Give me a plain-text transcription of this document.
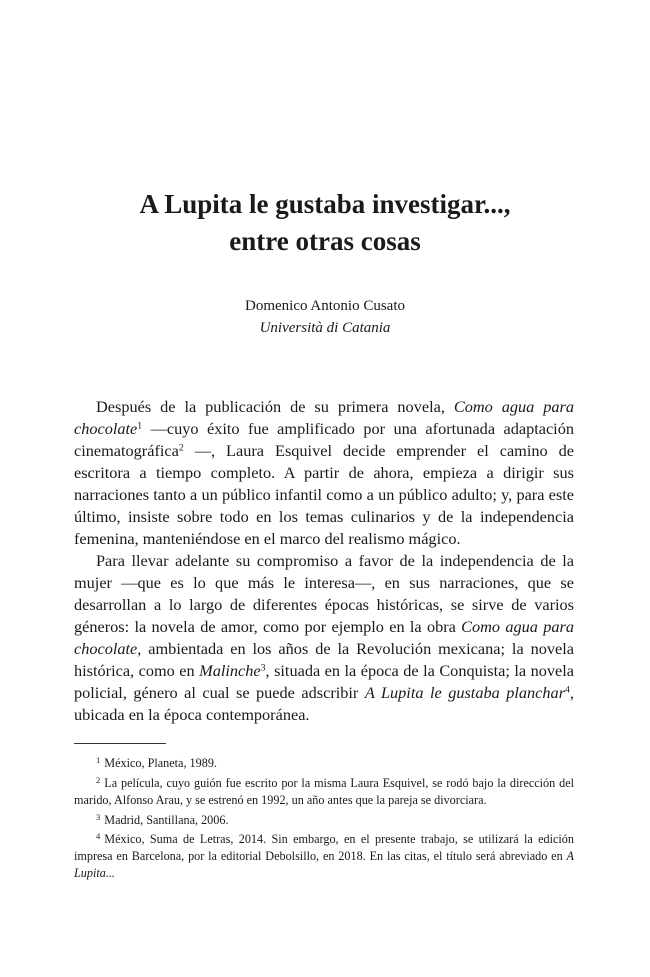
A Lupita le gustaba investigar...,
entre otras cosas
Domenico Antonio Cusato
Università di Catania

Después de la publicación de su primera novela, Como agua para chocolate$^1$ —cuyo éxito fue amplificado por una afortunada adaptación cinematográfica$^2$ —, Laura Esquivel decide emprender el camino de escritora a tiempo completo. A partir de ahora, empieza a dirigir sus narraciones tanto a un público infantil como a un público adulto; y, para este último, insiste sobre todo en los temas culinarios y de la independencia femenina, manteniéndose en el marco del realismo mágico.

Para llevar adelante su compromiso a favor de la independencia de la mujer —que es lo que más le interesa—, en sus narraciones, que se desarrollan a lo largo de diferentes épocas históricas, se sirve de varios géneros: la novela de amor, como por ejemplo en la obra Como agua para chocolate, ambientada en los años de la Revolución mexicana; la novela histórica, como en Malinche$^3$, situada en la época de la Conquista; la novela policial, género al cual se puede adscribir A Lupita le gustaba planchar$^4$, ubicada en la época contemporánea.

$^1$ México, Planeta, 1989.

$^2$ La película, cuyo guión fue escrito por la misma Laura Esquivel, se rodó bajo la dirección del marido, Alfonso Arau, y se estrenó en 1992, un año antes que la pareja se divorciara.

$^3$ Madrid, Santillana, 2006.

$^4$ México, Suma de Letras, 2014. Sin embargo, en el presente trabajo, se utilizará la edición impresa en Barcelona, por la editorial Debolsillo, en 2018. En las citas, el título será abreviado en A Lupita...
